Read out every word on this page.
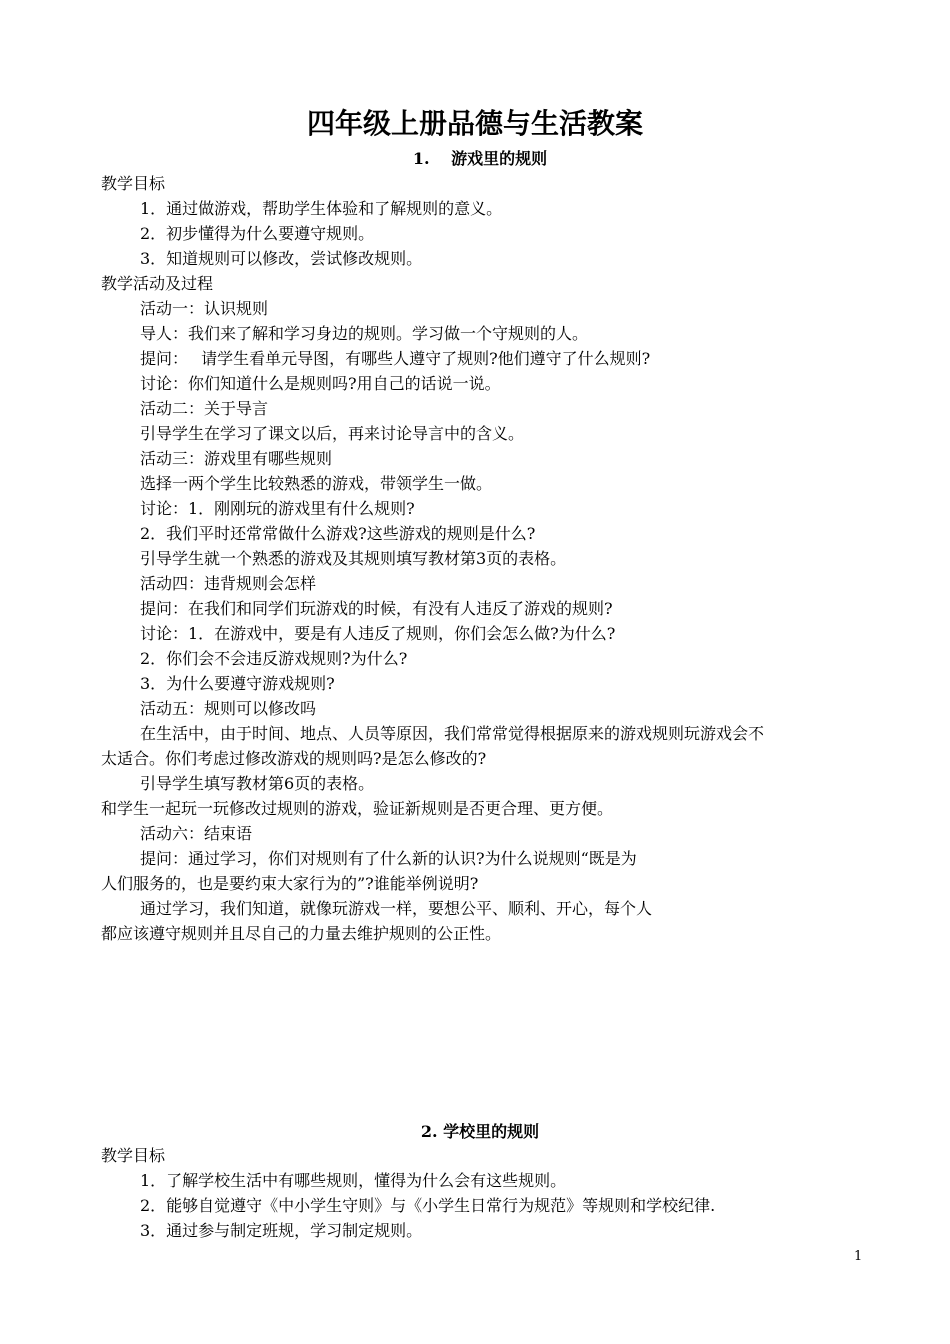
四年级上册品德与生活教案
1.　 游戏里的规则
教学目标
1．通过做游戏，帮助学生体验和了解规则的意义。
2．初步懂得为什么要遵守规则。
3．知道规则可以修改，尝试修改规则。
教学活动及过程
活动一：认识规则
导人：我们来了解和学习身边的规则。学习做一个守规则的人。
提问：　 请学生看单元导图，有哪些人遵守了规则?他们遵守了什么规则?
讨论：你们知道什么是规则吗?用自己的话说一说。
活动二：关于导言
引导学生在学习了课文以后，再来讨论导言中的含义。
活动三：游戏里有哪些规则
选择一两个学生比较熟悉的游戏，带领学生一做。
讨论：1．刚刚玩的游戏里有什么规则?
2．我们平时还常常做什么游戏?这些游戏的规则是什么?
引导学生就一个熟悉的游戏及其规则填写教材第3页的表格。
活动四：违背规则会怎样
提问：在我们和同学们玩游戏的时候，有没有人违反了游戏的规则?
讨论：1．在游戏中，要是有人违反了规则，你们会怎么做?为什么?
2．你们会不会违反游戏规则?为什么?
3．为什么要遵守游戏规则?
活动五：规则可以修改吗
在生活中，由于时间、地点、人员等原因，我们常常觉得根据原来的游戏规则玩游戏会不
太适合。你们考虑过修改游戏的规则吗?是怎么修改的?
引导学生填写教材第6页的表格。
和学生一起玩一玩修改过规则的游戏，验证新规则是否更合理、更方便。
活动六：结束语
提问：通过学习，你们对规则有了什么新的认识?为什么说规则“既是为
人们服务的，也是要约束大家行为的”?谁能举例说明?
通过学习，我们知道，就像玩游戏一样，要想公平、顺利、开心，每个人
都应该遵守规则并且尽自己的力量去维护规则的公正性。
2. 学校里的规则
教学目标
1．了解学校生活中有哪些规则，懂得为什么会有这些规则。
2．能够自觉遵守《中小学生守则》与《小学生日常行为规范》等规则和学校纪律.
3．通过参与制定班规，学习制定规则。
1
